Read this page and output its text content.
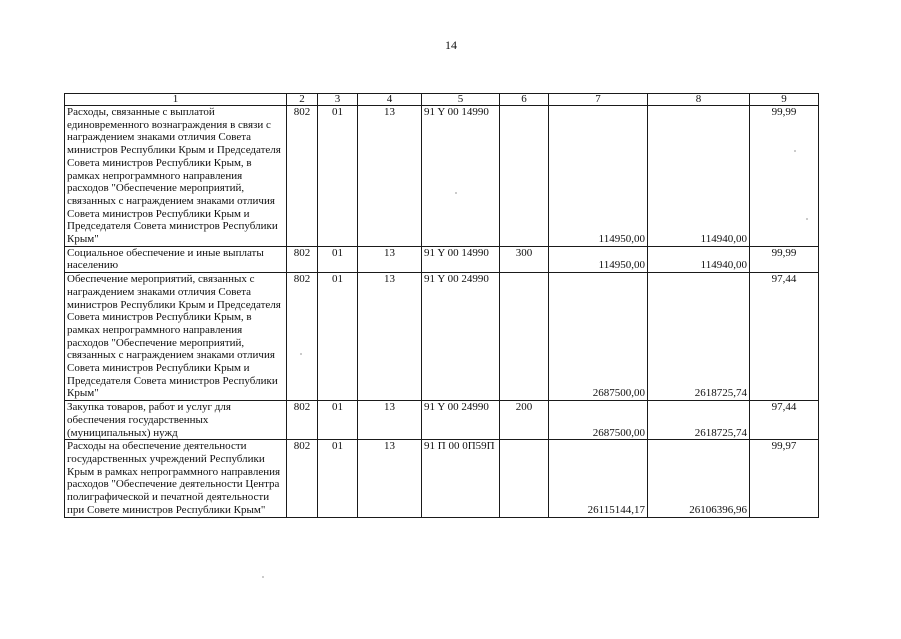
14
1	2	3	4	5	6	7	8	9
Расходы, связанные с выплатой единовременного вознаграждения в связи с награждением знаками отличия Совета министров Республики Крым и Председателя Совета министров Республики Крым, в рамках непрограммного направления расходов "Обеспечение мероприятий, связанных с награждением знаками отличия Совета министров Республики Крым и Председателя Совета министров Республики Крым"	802	01	13	91 Y 00 14990		114950,00	114940,00	99,99
Социальное обеспечение и иные выплаты населению	802	01	13	91 Y 00 14990	300	114950,00	114940,00	99,99
Обеспечение мероприятий, связанных с награждением знаками отличия Совета министров Республики Крым и Председателя Совета министров Республики Крым, в рамках непрограммного направления расходов "Обеспечение мероприятий, связанных с награждением знаками отличия Совета министров Республики Крым и Председателя Совета министров Республики Крым"	802	01	13	91 Y 00 24990		2687500,00	2618725,74	97,44
Закупка товаров, работ и услуг для обеспечения государственных (муниципальных) нужд	802	01	13	91 Y 00 24990	200	2687500,00	2618725,74	97,44
Расходы на обеспечение деятельности государственных учреждений Республики Крым в рамках непрограммного направления расходов "Обеспечение деятельности Центра полиграфической и печатной деятельности при Совете министров Республики Крым"	802	01	13	91 П 00 0П59П		26115144,17	26106396,96	99,97
